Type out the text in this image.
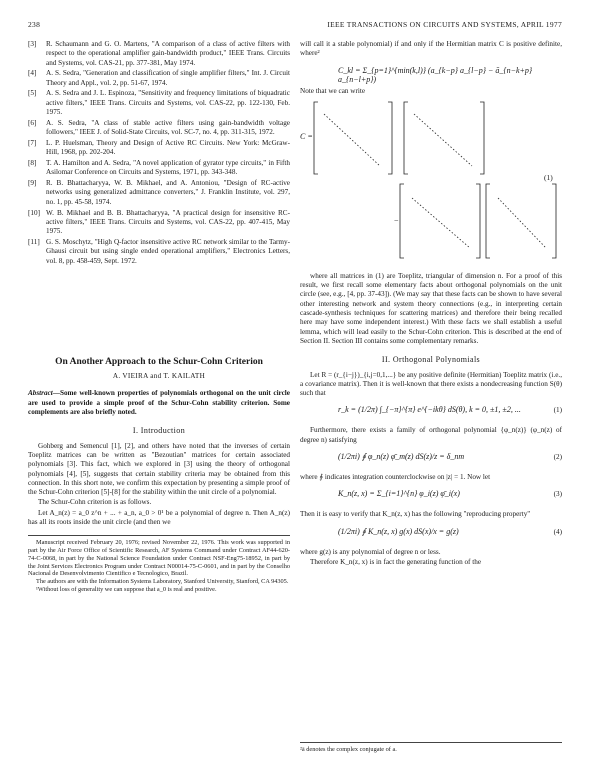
238	IEEE TRANSACTIONS ON CIRCUITS AND SYSTEMS, APRIL 1977
[3] R. Schaumann and G. O. Martens, "A comparison of a class of active filters with respect to the operational amplifier gain-bandwidth product," IEEE Trans. Circuits and Systems, vol. CAS-21, pp. 377-381, May 1974.
[4] A. S. Sedra, "Generation and classification of single amplifier filters," Int. J. Circuit Theory and Appl., vol. 2, pp. 51-67, 1974.
[5] A. S. Sedra and J. L. Espinoza, "Sensitivity and frequency limitations of biquadratic active filters," IEEE Trans. Circuits and Systems, vol. CAS-22, pp. 122-130, Feb. 1975.
[6] A. S. Sedra, "A class of stable active filters using gain-bandwidth voltage followers," IEEE J. of Solid-State Circuits, vol. SC-7, no. 4, pp. 311-315, 1972.
[7] L. P. Huelsman, Theory and Design of Active RC Circuits. New York: McGraw-Hill, 1968, pp. 202-204.
[8] T. A. Hamilton and A. Sedra, "A novel application of gyrator type circuits," in Fifth Asilomar Conference on Circuits and Systems, 1971, pp. 343-348.
[9] R. B. Bhattacharyya, W. B. Mikhael, and A. Antoniou, "Design of RC-active networks using generalized admittance converters," J. Franklin Institute, vol. 297, no. 1, pp. 45-58, 1974.
[10] W. B. Mikhael and B. B. Bhattacharyya, "A practical design for insensitive RC-active filters," IEEE Trans. Circuits and Systems, vol. CAS-22, pp. 407-415, May 1975.
[11] G. S. Moschytz, "High Q-factor insensitive active RC network similar to the Tarmy-Ghausi circuit but using single ended operational amplifiers," Electronics Letters, vol. 8, pp. 458-459, Sept. 1972.
On Another Approach to the Schur-Cohn Criterion
A. VIEIRA and T. KAILATH
Abstract—Some well-known properties of polynomials orthogonal on the unit circle are used to provide a simple proof of the Schur-Cohn stability criterion. Some complements are also briefly noted.
I. Introduction

Gohberg and Semencul [1], [2], and others have noted that the inverses of certain Toeplitz matrices can be written as "Bezoutian" matrices for certain associated polynomials [3]. This fact, which we explored in [3] using the theory of orthogonal polynomials [4], [5], suggests that certain stability criteria may be obtained from this connection. In this short note, we confirm this expectation by presenting a simple proof of the Schur-Cohn criterion [5]-[8] for the stability within the unit circle of a polynomial.

The Schur-Cohn criterion is as follows.

Let A_n(z) = a_0 z^n + ... + a_n, a_0 > 0¹ be a polynomial of degree n. Then A_n(z) has all its roots inside the unit circle (and then we

Manuscript received February 20, 1976; revised November 22, 1976. This work was supported in part by the Air Force Office of Scientific Research, AF Systems Command under Contract AF44-620-74-C-0068, in part by the National Science Foundation under Contract NSF-Eng75-18952, in part by the Joint Services Electronics Program under Contract N00014-75-C-0601, and in part by the Conselho Nacional de Desenvolvimento Cientifico e Tecnologico, Brazil.

The authors are with the Information Systems Laboratory, Stanford University, Stanford, CA 94305.

¹Without loss of generality we can suppose that a_0 is real and positive.

will call it a stable polynomial) if and only if the Hermitian matrix C is positive definite, where²

C_kl = Σ_{p=1}^{min(k,l)} (a_{k−p} a_{l−p} − ā_{n−k+p} a_{n−l+p})

Note that we can write

C =
(1)
−

where all matrices in (1) are Toeplitz, triangular of dimension n. For a proof of this result, we first recall some elementary facts about orthogonal polynomials on the unit circle (see, e.g., [4, pp. 37-43]). (We may say that these facts can be shown to have several other interesting network and system theory connections (e.g., in interpreting certain cascade-synthesis techniques for scattering matrices) and therefore their being recalled here may have some independent interest.) With these facts we shall establish a useful lemma, which will lead easily to the Schur-Cohn criterion. This is described at the end of Section II. Section III contains some complementary remarks.

II. Orthogonal Polynomials

Let R = (r_{i−j})_{i,j=0,1,...} be any positive definite (Hermitian) Toeplitz matrix (i.e., a covariance matrix). Then it is well-known that there exists a nondecreasing function S(θ) such that

r_k = (1/2π) ∫_{−π}^{π} e^{−ikθ} dS(θ), k = 0, ±1, ±2, ...	(1)

Furthermore, there exists a family of orthogonal polynomial {φ_n(z)} (φ_n(z) of degree n) satisfying

(1/2πi) ∮ φ_n(z) φ̄_m(z) dS(z)/z = δ_nm	(2)

where ∮ indicates integration counterclockwise on |z| = 1. Now let

K_n(z, x) = Σ_{i=1}^{n} φ_i(z) φ̄_i(x)	(3)

Then it is easy to verify that K_n(z, x) has the following "reproducing property"

(1/2πi) ∮ K_n(z, x) g(x) dS(x)/x = g(z)	(4)

where g(z) is any polynomial of degree n or less.

Therefore K_n(z, x) is in fact the generating function of the

²ā denotes the complex conjugate of a.
